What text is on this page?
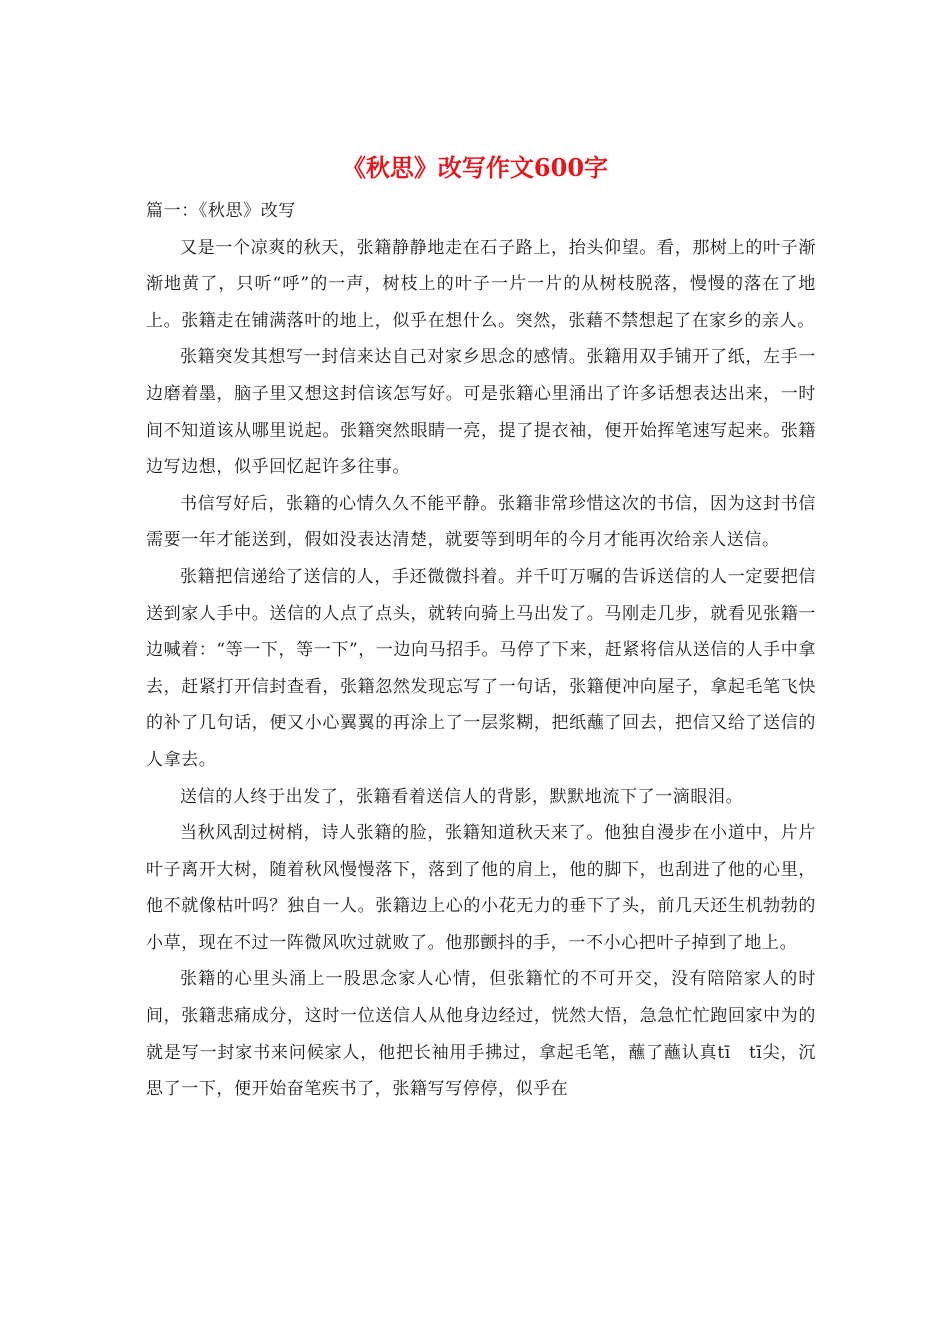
《秋思》改写作文600字

篇一：《秋思》改写

又是一个凉爽的秋天，张籍静静地走在石子路上，抬头仰望。看，那树上的叶子渐渐地黄了，只听“呼”的一声，树枝上的叶子一片一片的从树枝脱落，慢慢的落在了地上。张籍走在铺满落叶的地上，似乎在想什么。突然，张藉不禁想起了在家乡的亲人。

张籍突发其想写一封信来达自己对家乡思念的感情。张籍用双手铺开了纸，左手一边磨着墨，脑子里又想这封信该怎写好。可是张籍心里涌出了许多话想表达出来，一时间不知道该从哪里说起。张籍突然眼睛一亮，提了提衣袖，便开始挥笔速写起来。张籍边写边想，似乎回忆起许多往事。

书信写好后，张籍的心情久久不能平静。张籍非常珍惜这次的书信，因为这封书信需要一年才能送到，假如没表达清楚，就要等到明年的今月才能再次给亲人送信。

张籍把信递给了送信的人，手还微微抖着。并千叮万嘱的告诉送信的人一定要把信送到家人手中。送信的人点了点头，就转向骑上马出发了。马刚走几步，就看见张籍一边喊着：“等一下，等一下”，一边向马招手。马停了下来，赶紧将信从送信的人手中拿去，赶紧打开信封查看，张籍忽然发现忘写了一句话，张籍便冲向屋子，拿起毛笔飞快的补了几句话，便又小心翼翼的再涂上了一层浆糊，把纸蘸了回去，把信又给了送信的人拿去。

送信的人终于出发了，张籍看着送信人的背影，默默地流下了一滴眼泪。

当秋风刮过树梢，诗人张籍的脸，张籍知道秋天来了。他独自漫步在小道中，片片叶子离开大树，随着秋风慢慢落下，落到了他的肩上，他的脚下，也刮进了他的心里，他不就像枯叶吗？独自一人。张籍边上心的小花无力的垂下了头，前几天还生机勃勃的小草，现在不过一阵微风吹过就败了。他那颤抖的手，一不小心把叶子掉到了地上。

张籍的心里头涌上一股思念家人心情，但张籍忙的不可开交，没有陪陪家人的时间，张籍悲痛成分，这时一位送信人从他身边经过，恍然大悟，急急忙忙跑回家中为的就是写一封家书来问候家人，他把长袖用手拂过，拿起毛笔，蘸了蘸认真tī　tī尖，沉思了一下，便开始奋笔疾书了，张籍写写停停，似乎在
